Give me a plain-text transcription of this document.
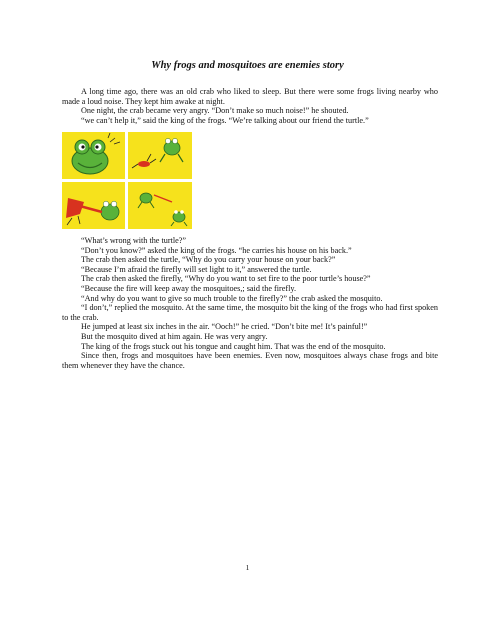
Why frogs and mosquitoes are enemies story

A long time ago, there was an old crab who liked to sleep. But there were some frogs living nearby who made a loud noise. They kept him awake at night.

One night, the crab became very angry. “Don’t make so much noise!” he shouted.

“we can’t help it,” said the king of the frogs. “We’re talking about our friend the turtle.”

“What’s wrong with the turtle?”

“Don’t you know?” asked the king of the frogs. “he carries his house on his back.”

The crab then asked the turtle, “Why do you carry your house on your back?”

“Because I’m afraid the firefly will set light to it,” answered the turtle.

The crab then asked the firefly, “Why do you want to set fire to the poor turtle’s house?”

“Because the fire will keep away the mosquitoes,; said the firefly.

“And why do you want to give so much trouble to the firefly?” the crab asked the mosquito.

“I don’t,” replied the mosquito. At the same time, the mosquito bit the king of the frogs who had first spoken to the crab.

He jumped at least six inches in the air. “Ooch!” he cried. “Don’t bite me! It’s painful!”

But the mosquito dived at him again. He was very angry.

The king of the frogs stuck out his tongue and caught him. That was the end of the mosquito.

Since then, frogs and mosquitoes have been enemies. Even now, mosquitoes always chase frogs and bite them whenever they have the chance.

1
